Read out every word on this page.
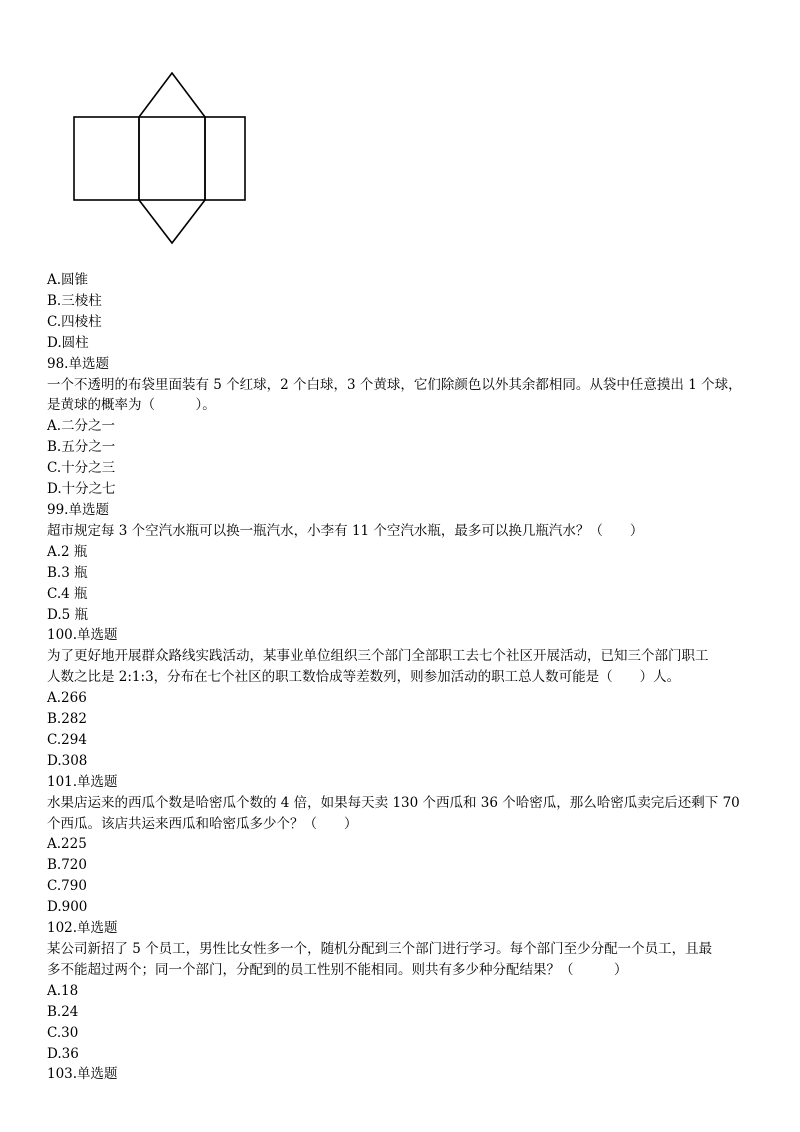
A.圆锥
B.三棱柱
C.四棱柱
D.圆柱
98.单选题
一个不透明的布袋里面装有 5 个红球，2 个白球，3 个黄球，它们除颜色以外其余都相同。从袋中任意摸出 1 个球，
是黄球的概率为（　　　）。
A.二分之一
B.五分之一
C.十分之三
D.十分之七
99.单选题
超市规定每 3 个空汽水瓶可以换一瓶汽水，小李有 11 个空汽水瓶，最多可以换几瓶汽水？（　　）
A.2 瓶
B.3 瓶
C.4 瓶
D.5 瓶
100.单选题
为了更好地开展群众路线实践活动，某事业单位组织三个部门全部职工去七个社区开展活动，已知三个部门职工
人数之比是 2:1:3，分布在七个社区的职工数恰成等差数列，则参加活动的职工总人数可能是（　　）人。
A.266
B.282
C.294
D.308
101.单选题
水果店运来的西瓜个数是哈密瓜个数的 4 倍，如果每天卖 130 个西瓜和 36 个哈密瓜，那么哈密瓜卖完后还剩下 70
个西瓜。该店共运来西瓜和哈密瓜多少个？（　　）
A.225
B.720
C.790
D.900
102.单选题
某公司新招了 5 个员工，男性比女性多一个，随机分配到三个部门进行学习。每个部门至少分配一个员工，且最
多不能超过两个；同一个部门，分配到的员工性别不能相同。则共有多少种分配结果？（　　　）
A.18
B.24
C.30
D.36
103.单选题
